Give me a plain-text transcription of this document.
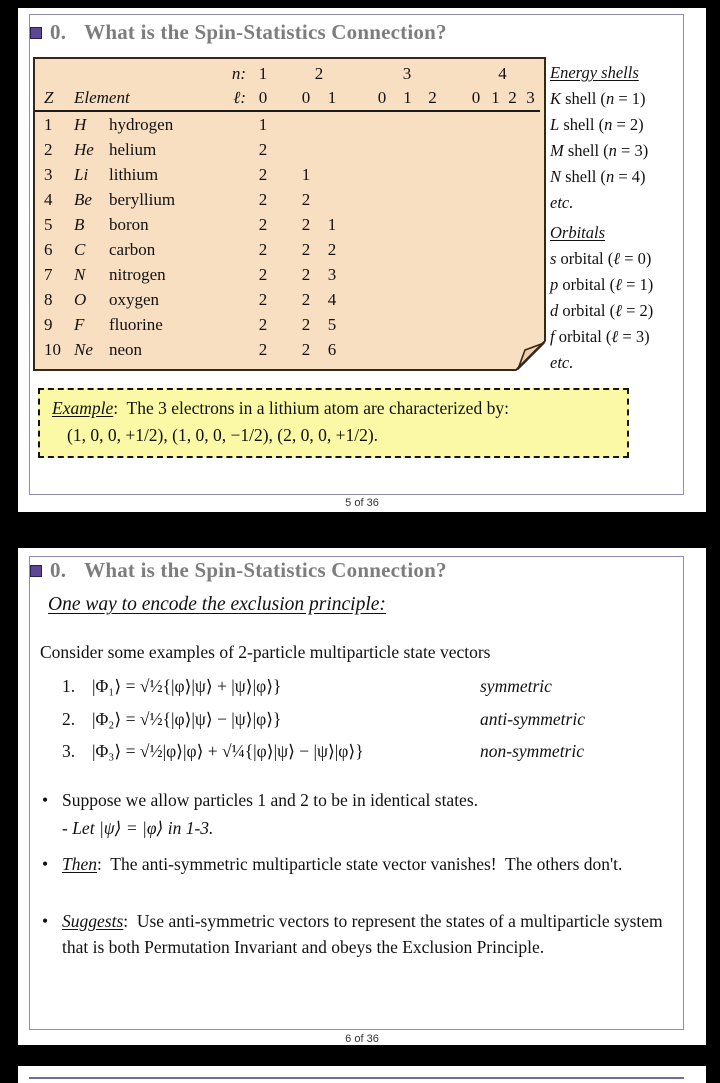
0. What is the Spin-Statistics Connection?
			n:	1		2			3				4			
Z	Element		ℓ:	0		0	1		0	1	2		0	1	2	3
1	H	hydrogen		1												
2	He	helium		2												
3	Li	lithium		2		1										
4	Be	beryllium		2		2										
5	B	boron		2		2	1									
6	C	carbon		2		2	2									
7	N	nitrogen		2		2	3									
8	O	oxygen		2		2	4									
9	F	fluorine		2		2	5									
10	Ne	neon		2		2	6									
Energy shells
K shell (n = 1)
L shell (n = 2)
M shell (n = 3)
N shell (n = 4)
etc.
Orbitals
s orbital (ℓ = 0)
p orbital (ℓ = 1)
d orbital (ℓ = 2)
f orbital (ℓ = 3)
etc.
Example:  The 3 electrons in a lithium atom are characterized by:
(1, 0, 0, +1/2), (1, 0, 0, −1/2), (2, 0, 0, +1/2).
5 of 36
0. What is the Spin-Statistics Connection?
One way to encode the exclusion principle:
Consider some examples of 2-particle multiparticle state vectors
1. |Φ₁⟩ = √½{|φ⟩|ψ⟩ + |ψ⟩|φ⟩}	symmetric
2. |Φ₂⟩ = √½{|φ⟩|ψ⟩ − |ψ⟩|φ⟩}	anti-symmetric
3. |Φ₃⟩ = √½|φ⟩|φ⟩ + √¼{|φ⟩|ψ⟩ − |ψ⟩|φ⟩}	non-symmetric
• Suppose we allow particles 1 and 2 to be in identical states.
- Let |ψ⟩ = |φ⟩ in 1-3.
• Then:  The anti-symmetric multiparticle state vector vanishes!  The others don't.
• Suggests:  Use anti-symmetric vectors to represent the states of a multiparticle system that is both Permutation Invariant and obeys the Exclusion Principle.
6 of 36
